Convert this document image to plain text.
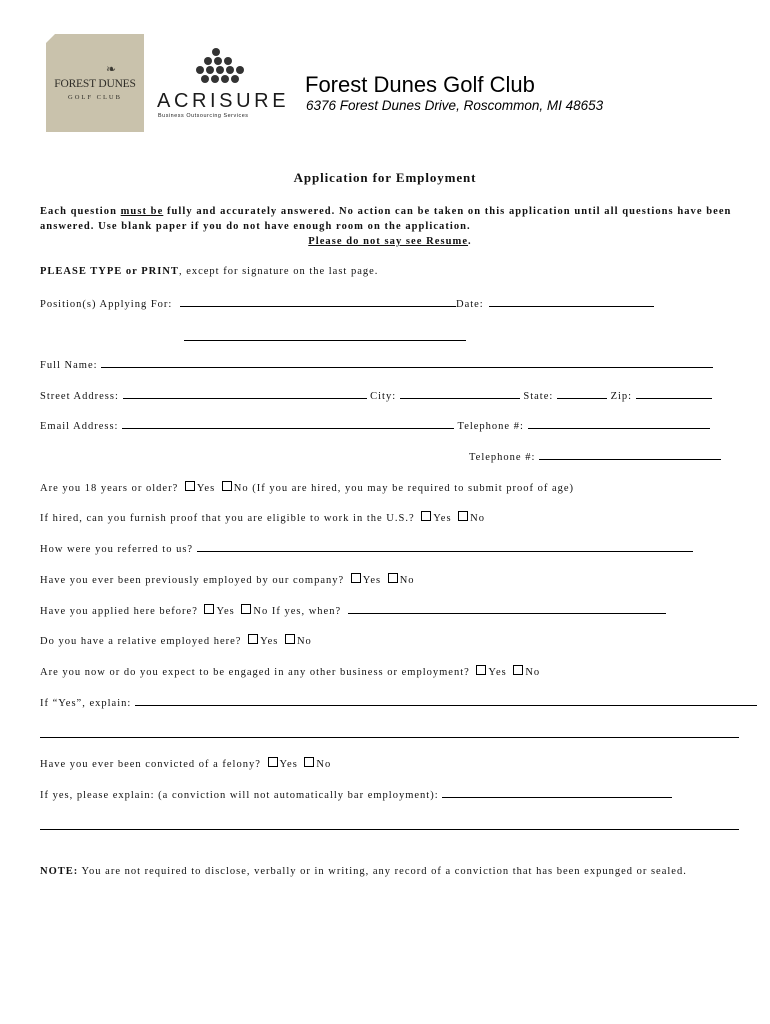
❧
FOREST DUNES
GOLF CLUB	ACRISURE
Business Outsourcing Services
Forest Dunes Golf Club
6376 Forest Dunes Drive, Roscommon, MI 48653
Application for Employment
Each question must be fully and accurately answered. No action can be taken on this application until all questions have been answered. Use blank paper if you do not have enough room on the application.
Please do not say see Resume.
PLEASE TYPE or PRINT, except for signature on the last page.
Position(s) Applying For:	Date:
Full Name:
Street Address:	City:	State:	Zip:
Email Address:	Telephone #:
Telephone #:
Are you 18 years or older? Yes No (If you are hired, you may be required to submit proof of age)
If hired, can you furnish proof that you are eligible to work in the U.S.? Yes No
How were you referred to us?
Have you ever been previously employed by our company? Yes No
Have you applied here before? Yes No If yes, when?
Do you have a relative employed here? Yes No
Are you now or do you expect to be engaged in any other business or employment? Yes No
If “Yes”, explain:
Have you ever been convicted of a felony? Yes No
If yes, please explain: (a conviction will not automatically bar employment):
NOTE: You are not required to disclose, verbally or in writing, any record of a conviction that has been expunged or sealed.
